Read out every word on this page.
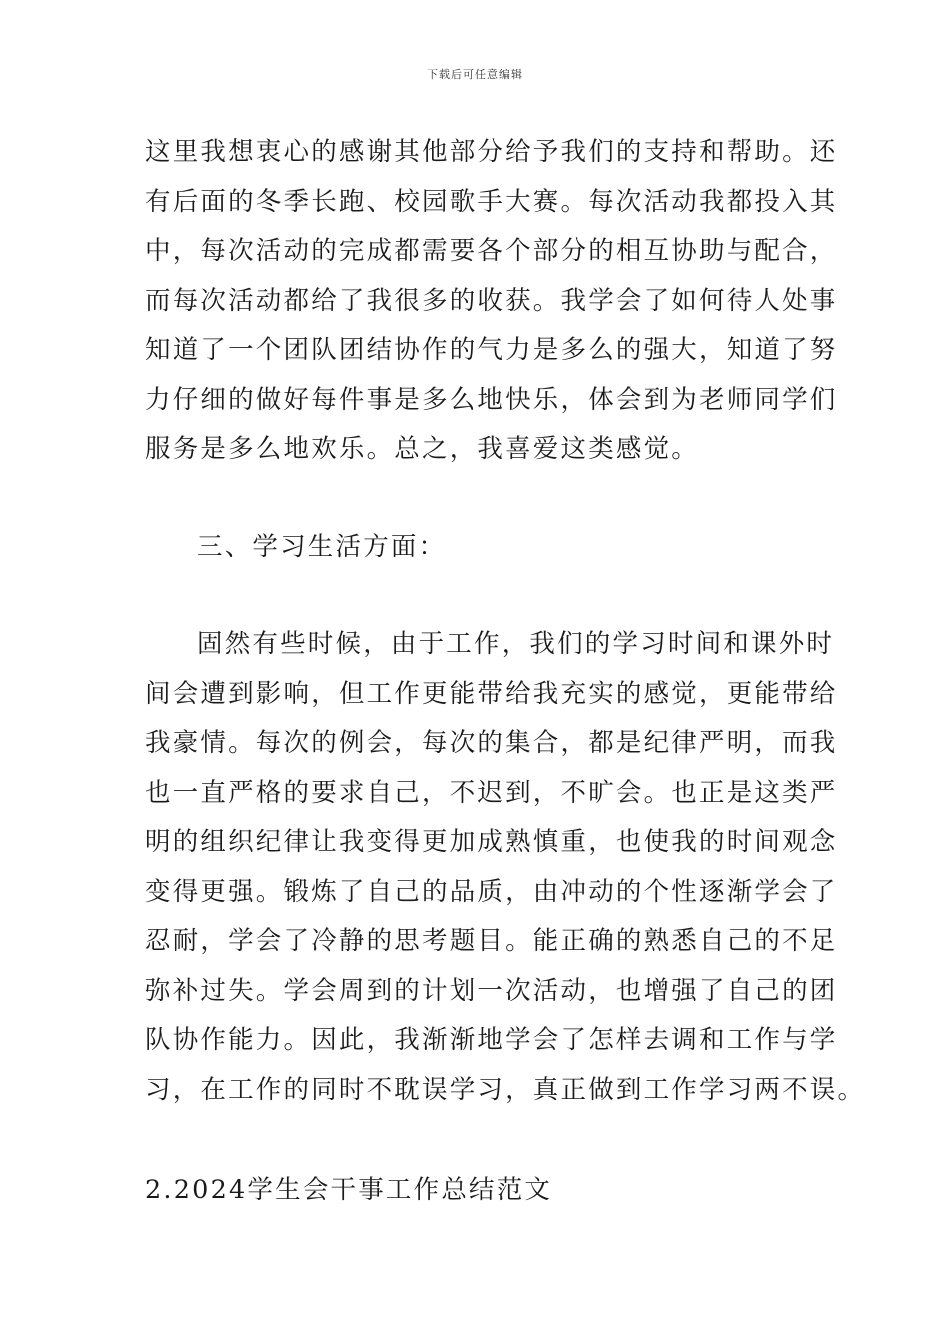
下载后可任意编辑
这里我想衷心的感谢其他部分给予我们的支持和帮助。还
有后面的冬季长跑、校园歌手大赛。每次活动我都投入其
中，每次活动的完成都需要各个部分的相互协助与配合，
而每次活动都给了我很多的收获。我学会了如何待人处事
知道了一个团队团结协作的气力是多么的强大，知道了努
力仔细的做好每件事是多么地快乐，体会到为老师同学们
服务是多么地欢乐。总之，我喜爱这类感觉。
三、学习生活方面：
固然有些时候，由于工作，我们的学习时间和课外时
间会遭到影响，但工作更能带给我充实的感觉，更能带给
我豪情。每次的例会，每次的集合，都是纪律严明，而我
也一直严格的要求自己，不迟到，不旷会。也正是这类严
明的组织纪律让我变得更加成熟慎重，也使我的时间观念
变得更强。锻炼了自己的品质，由冲动的个性逐渐学会了
忍耐，学会了冷静的思考题目。能正确的熟悉自己的不足
弥补过失。学会周到的计划一次活动，也增强了自己的团
队协作能力。因此，我渐渐地学会了怎样去调和工作与学
习，在工作的同时不耽误学习，真正做到工作学习两不误。
2.2024学生会干事工作总结范文
